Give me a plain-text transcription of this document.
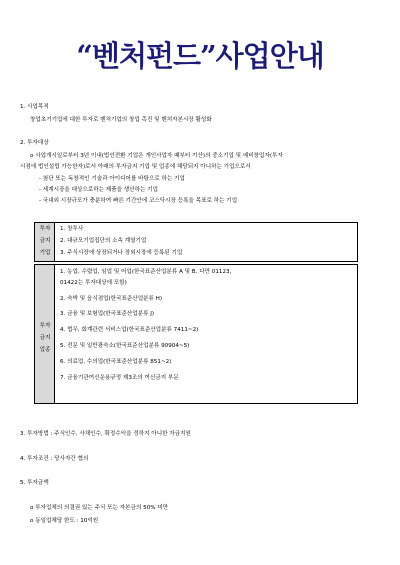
“벤처펀드”사업안내
1. 사업목적
창업초기기업에 대한 투자로 벤처기업의 창업 촉진 및 벤처자본시장 활성화
2. 투자대상
o 사업개시일로부터 3년 이내(법인전환 기업은 개인사업자 때부터 기산)의 중소기업 및 예비창업자(투자
시점에 법인설립 가능한자)로서 아래의 투자금지 기업 및 업종에 해당되지 아니하는 기업으로서
- 첨단 또는 독창적인 기술과 아이디어를 바탕으로 하는 기업
- 세계시장을 대상으로하는 제품을 생산하는 기업
- 국내외 시장규모가 충분하여 빠른 기간안에 코스닥시장 등록을 목표로 하는 기업
투자
금지
기업
1. 창투사
2. 대규모기업집단의 소속 계열기업
3. 주식시장에 상장되거나 장외시장에 등록된 기업
투자
금지
업종
1. 농업, 수렵업, 임업 및 어업(한국표준산업분류 A 및 B, 다만 01123,
01422는 투자대상에 포함)
2. 숙박 및 음식점업(한국표준산업분류 H)
3. 금융 및 보험업(한국표준산업분류 J)
4. 법무, 회계관련 서비스업(한국표준산업분류 7411~2)
5. 전문 및 일반광숙소(한국표준산업분류 90904~5)
6. 의료업, 수의업(한국표준산업분류 851~2)
7. 금융기관여신운용규정 제3조의 여신금지 부문
3. 투자방법 : 주식인수, 사채인수, 확정수익을 정하지 아니한 자금지원
4. 투자조건 : 당사자간 협의
5. 투자금액
o 투자업체의 의결권 있는 주식 또는 자본금의 50% 미만
o 동일업체당 한도 : 10억원
